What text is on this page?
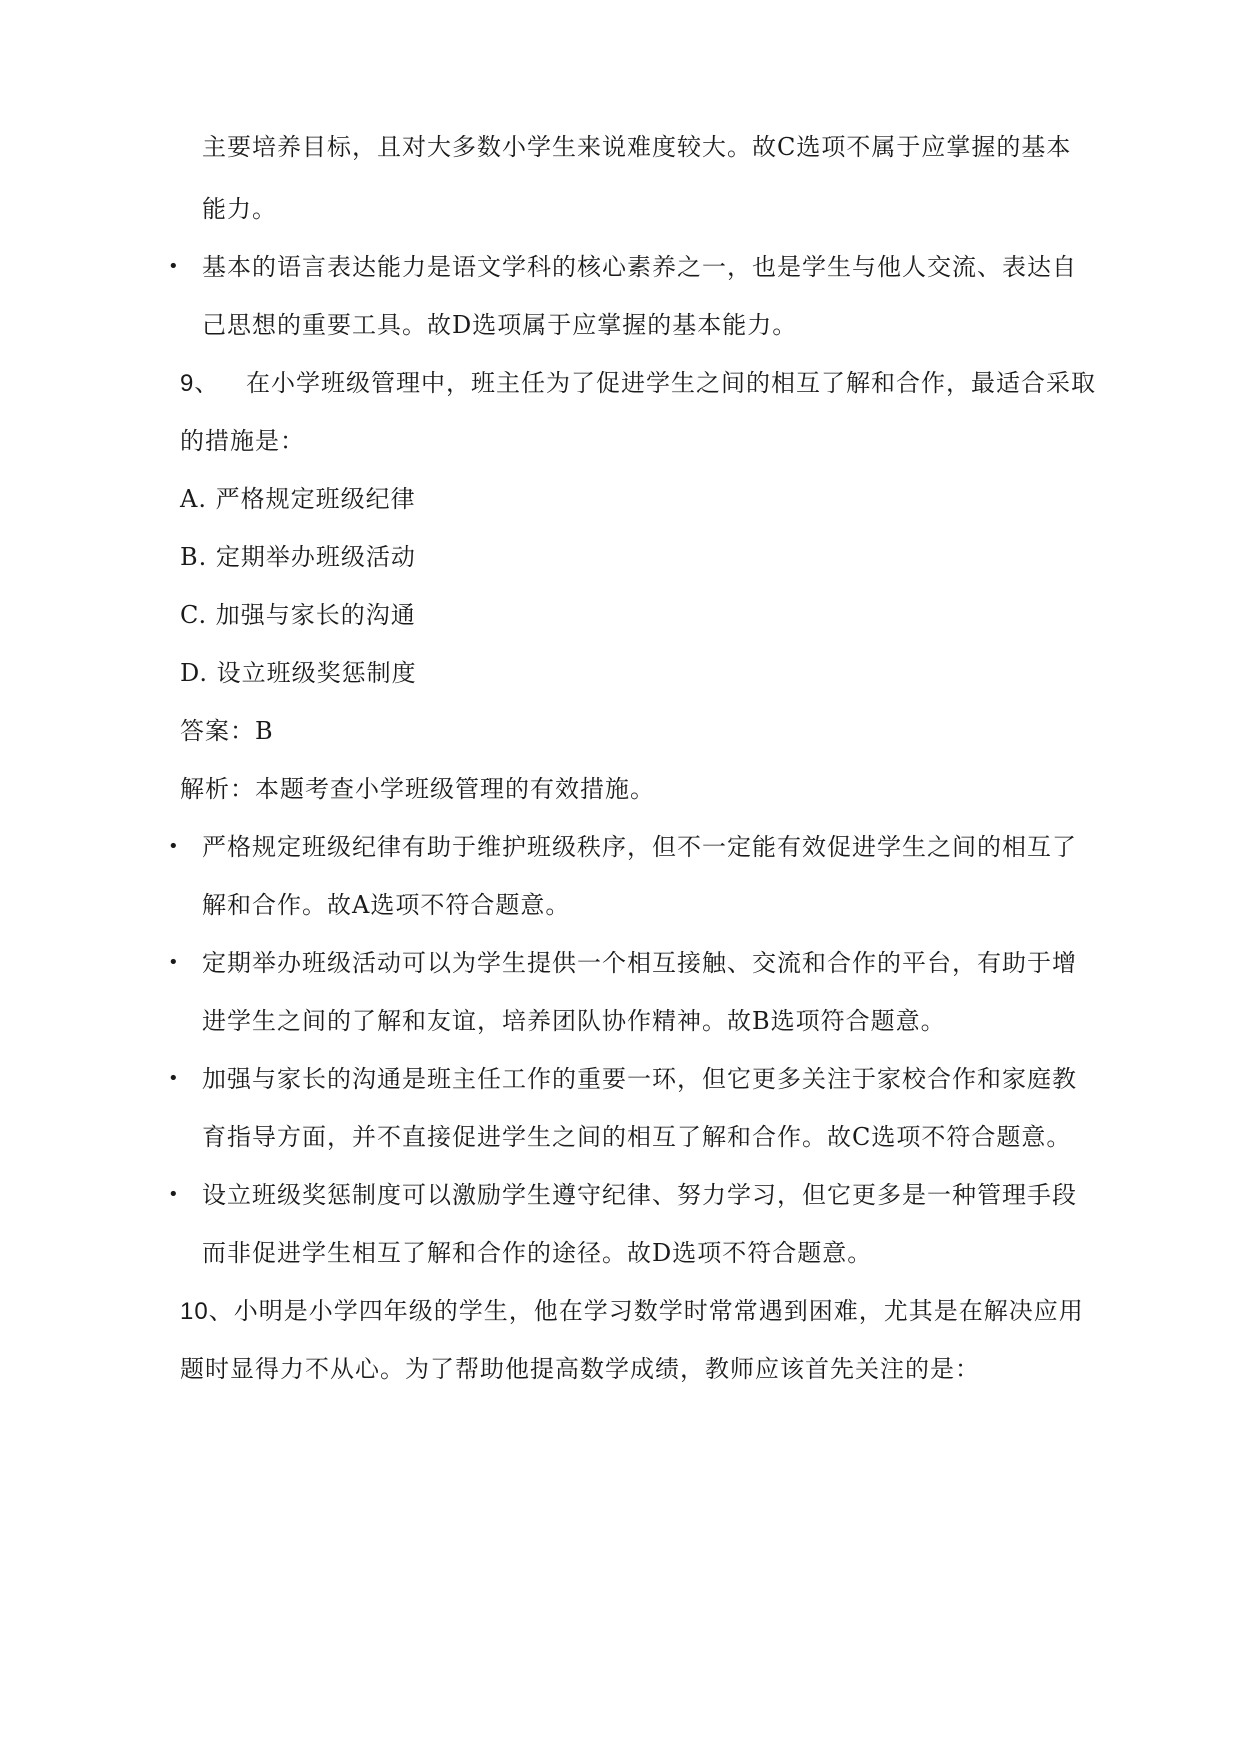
主要培养目标，且对大多数小学生来说难度较大。故C选项不属于应掌握的基本
能力。
• 基本的语言表达能力是语文学科的核心素养之一，也是学生与他人交流、表达自
己思想的重要工具。故D选项属于应掌握的基本能力。
9、 在小学班级管理中，班主任为了促进学生之间的相互了解和合作，最适合采取
的措施是：
A. 严格规定班级纪律
B. 定期举办班级活动
C. 加强与家长的沟通
D. 设立班级奖惩制度
答案：B
解析：本题考查小学班级管理的有效措施。
• 严格规定班级纪律有助于维护班级秩序，但不一定能有效促进学生之间的相互了
解和合作。故A选项不符合题意。
• 定期举办班级活动可以为学生提供一个相互接触、交流和合作的平台，有助于增
进学生之间的了解和友谊，培养团队协作精神。故B选项符合题意。
• 加强与家长的沟通是班主任工作的重要一环，但它更多关注于家校合作和家庭教
育指导方面，并不直接促进学生之间的相互了解和合作。故C选项不符合题意。
• 设立班级奖惩制度可以激励学生遵守纪律、努力学习，但它更多是一种管理手段
而非促进学生相互了解和合作的途径。故D选项不符合题意。
10、小明是小学四年级的学生，他在学习数学时常常遇到困难，尤其是在解决应用
题时显得力不从心。为了帮助他提高数学成绩，教师应该首先关注的是：
